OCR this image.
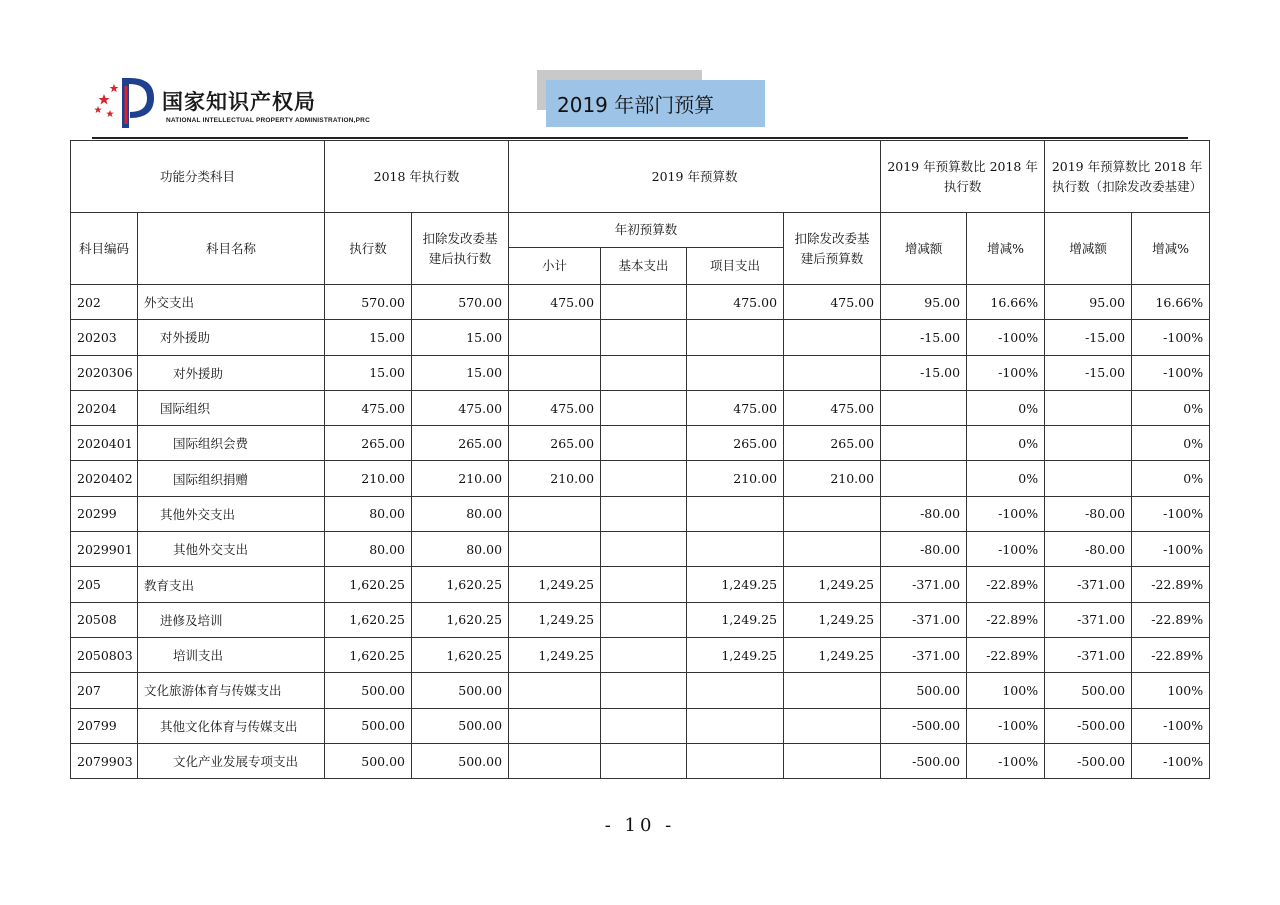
国家知识产权局
NATIONAL INTELLECTUAL PROPERTY ADMINISTRATION,PRC
2019 年部门预算
功能分类科目		2018 年执行数		2019 年预算数				2019 年预算数比 2018 年执行数		2019 年预算数比 2018 年执行数（扣除发改委基建）	
科目编码	科目名称	执行数	扣除发改委基建后执行数	年初预算数			扣除发改委基建后预算数	增减额	增减%	增减额	增减%
				小计	基本支出	项目支出					
202	外交支出	570.00	570.00	475.00		475.00	475.00	95.00	16.66%	95.00	16.66%
20203	对外援助	15.00	15.00					-15.00	-100%	-15.00	-100%
2020306	对外援助	15.00	15.00					-15.00	-100%	-15.00	-100%
20204	国际组织	475.00	475.00	475.00		475.00	475.00		0%		0%
2020401	国际组织会费	265.00	265.00	265.00		265.00	265.00		0%		0%
2020402	国际组织捐赠	210.00	210.00	210.00		210.00	210.00		0%		0%
20299	其他外交支出	80.00	80.00					-80.00	-100%	-80.00	-100%
2029901	其他外交支出	80.00	80.00					-80.00	-100%	-80.00	-100%
205	教育支出	1,620.25	1,620.25	1,249.25		1,249.25	1,249.25	-371.00	-22.89%	-371.00	-22.89%
20508	进修及培训	1,620.25	1,620.25	1,249.25		1,249.25	1,249.25	-371.00	-22.89%	-371.00	-22.89%
2050803	培训支出	1,620.25	1,620.25	1,249.25		1,249.25	1,249.25	-371.00	-22.89%	-371.00	-22.89%
207	文化旅游体育与传媒支出	500.00	500.00					500.00	100%	500.00	100%
20799	其他文化体育与传媒支出	500.00	500.00					-500.00	-100%	-500.00	-100%
2079903	文化产业发展专项支出	500.00	500.00					-500.00	-100%	-500.00	-100%
- 10 -
